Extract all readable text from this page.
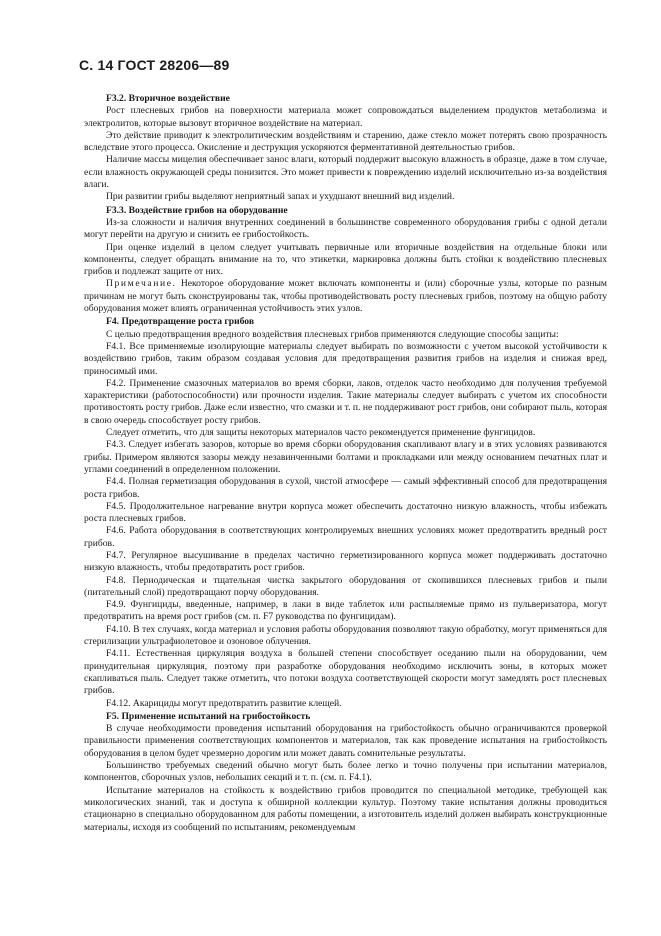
С. 14 ГОСТ 28206—89

F3.2. Вторичное воздействие

Рост плесневых грибов на поверхности материала может сопровождаться выделением продуктов метаболизма и электролитов, которые вызовут вторичное воздействие на материал.

Это действие приводит к электролитическим воздействиям и старению, даже стекло может потерять свою прозрачность вследствие этого процесса. Окисление и деструкция ускоряются ферментативной деятельностью грибов.

Наличие массы мицелия обеспечивает занос влаги, который поддержит высокую влажность в образце, даже в том случае, если влажность окружающей среды понизится. Это может привести к повреждению изделий исключительно из-за воздействия влаги.

При развитии грибы выделяют неприятный запах и ухудшают внешний вид изделий.

F3.3. Воздействие грибов на оборудование

Из-за сложности и наличия внутренних соединений в большинстве современного оборудования грибы с одной детали могут перейти на другую и снизить ее грибостойкость.

При оценке изделий в целом следует учитывать первичные или вторичные воздействия на отдельные блоки или компоненты, следует обращать внимание на то, что этикетки, маркировка должны быть стойки к воздействию плесневых грибов и подлежат защите от них.

Примечание. Некоторое оборудование может включать компоненты и (или) сборочные узлы, которые по разным причинам не могут быть сконструированы так, чтобы противодействовать росту плесневых грибов, поэтому на общую работу оборудования может влиять ограниченная устойчивость этих узлов.

F4. Предотвращение роста грибов

С целью предотвращения вредного воздействия плесневых грибов применяются следующие способы защиты:

F4.1. Все применяемые изолирующие материалы следует выбирать по возможности с учетом высокой устойчивости к воздействию грибов, таким образом создавая условия для предотвращения развития грибов на изделия и снижая вред, приносимый ими.

F4.2. Применение смазочных материалов во время сборки, лаков, отделок часто необходимо для получения требуемой характеристики (работоспособности) или прочности изделия. Такие материалы следует выбирать с учетом их способности противостоять росту грибов. Даже если известно, что смазки и т. п. не поддерживают рост грибов, они собирают пыль, которая в свою очередь способствует росту грибов.

Следует отметить, что для защиты некоторых материалов часто рекомендуется применение фунгицидов.

F4.3. Следует избегать зазоров, которые во время сборки оборудования скапливают влагу и в этих условиях развиваются грибы. Примером являются зазоры между незавинченными болтами и прокладками или между основанием печатных плат и углами соединений в определенном положении.

F4.4. Полная герметизация оборудования в сухой, чистой атмосфере — самый эффективный способ для предотвращения роста грибов.

F4.5. Продолжительное нагревание внутри корпуса может обеспечить достаточно низкую влажность, чтобы избежать роста плесневых грибов.

F4.6. Работа оборудования в соответствующих контролируемых внешних условиях может предотвратить вредный рост грибов.

F4.7. Регулярное высушивание в пределах частично герметизированного корпуса может поддерживать достаточно низкую влажность, чтобы предотвратить рост грибов.

F4.8. Периодическая и тщательная чистка закрытого оборудования от скопившихся плесневых грибов и пыли (питательный слой) предотвращают порчу оборудования.

F4.9. Фунгициды, введенные, например, в лаки в виде таблеток или распыляемые прямо из пульверизатора, могут предотвратить на время рост грибов (см. п. F7 руководства по фунгицидам).

F4.10. В тех случаях, когда материал и условия работы оборудования позволяют такую обработку, могут применяться для стерилизации ультрафиолетовое и озоновое облучения.

F4.11. Естественная циркуляция воздуха в большей степени способствует оседанию пыли на оборудовании, чем принудительная циркуляция, поэтому при разработке оборудования необходимо исключить зоны, в которых может скапливаться пыль. Следует также отметить, что потоки воздуха соответствующей скорости могут замедлять рост плесневых грибов.

F4.12. Акарициды могут предотвратить развитие клещей.

F5. Применение испытаний на грибостойкость

В случае необходимости проведения испытаний оборудования на грибостойкость обычно ограничиваются проверкой правильности применения соответствующих компонентов и материалов, так как проведение испытания на грибостойкость оборудования в целом будет чрезмерно дорогим или может давать сомнительные результаты.

Большинство требуемых сведений обычно могут быть более легко и точно получены при испытании материалов, компонентов, сборочных узлов, небольших секций и т. п. (см. п. F4.1).

Испытание материалов на стойкость к воздействию грибов проводится по специальной методике, требующей как микологических знаний, так и доступа к обширной коллекции культур. Поэтому такие испытания должны проводиться стационарно в специально оборудованном для работы помещении, а изготовитель изделий должен выбирать конструкционные материалы, исходя из сообщений по испытаниям, рекомендуемым
